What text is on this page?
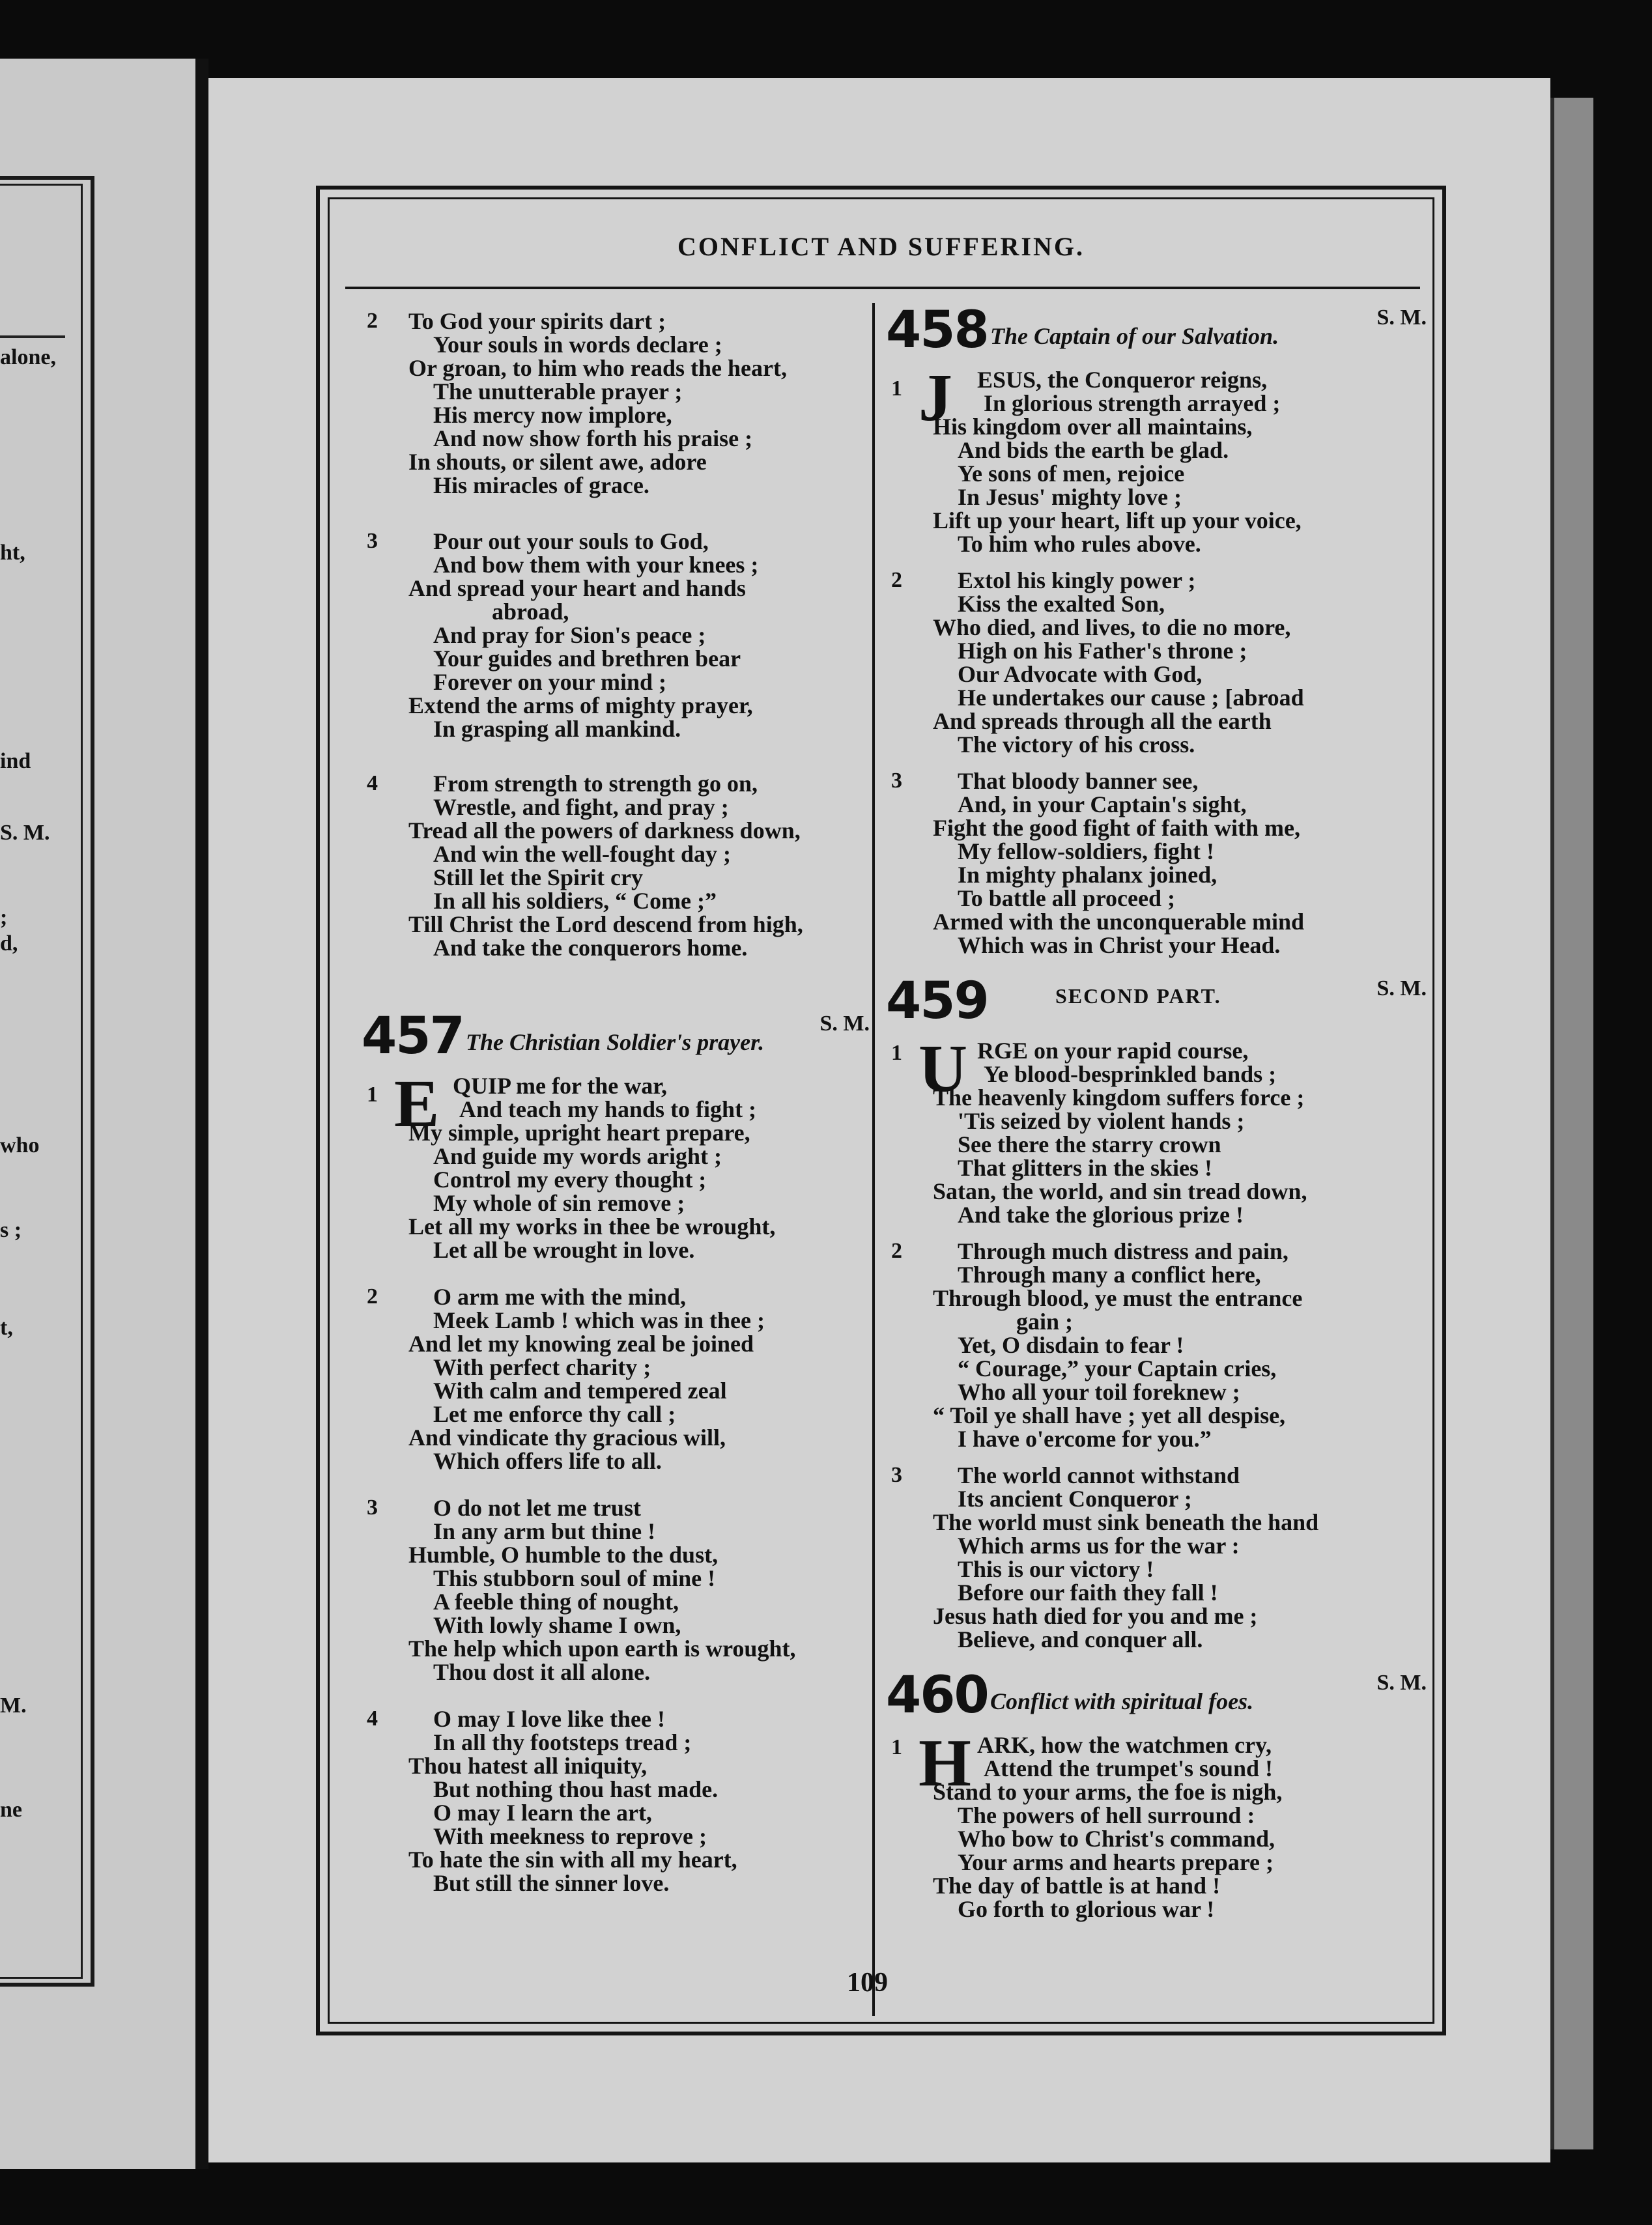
alone,
ht,
ind
S. M.
;
d,
who
s ;
t,
M.
ne
CONFLICT AND SUFFERING.
109
2	To God your spirits dart ;
Your souls in words declare ;
Or groan, to him who reads the heart,
The unutterable prayer ;
His mercy now implore,
And now show forth his praise ;
In shouts, or silent awe, adore
His miracles of grace.
3	Pour out your souls to God,
And bow them with your knees ;
And spread your heart and hands
abroad,
And pray for Sion's peace ;
Your guides and brethren bear
Forever on your mind ;
Extend the arms of mighty prayer,
In grasping all mankind.
4	From strength to strength go on,
Wrestle, and fight, and pray ;
Tread all the powers of darkness down,
And win the well-fought day ;
Still let the Spirit cry
In all his soldiers, “ Come ;”
Till Christ the Lord descend from high,
And take the conquerors home.
457 The Christian Soldier's prayer.
S. M.
1 E QUIP me for the war,
And teach my hands to fight ;
My simple, upright heart prepare,
And guide my words aright ;
Control my every thought ;
My whole of sin remove ;
Let all my works in thee be wrought,
Let all be wrought in love.
2	O arm me with the mind,
Meek Lamb ! which was in thee ;
And let my knowing zeal be joined
With perfect charity ;
With calm and tempered zeal
Let me enforce thy call ;
And vindicate thy gracious will,
Which offers life to all.
3	O do not let me trust
In any arm but thine !
Humble, O humble to the dust,
This stubborn soul of mine !
A feeble thing of nought,
With lowly shame I own,
The help which upon earth is wrought,
Thou dost it all alone.
4	O may I love like thee !
In all thy footsteps tread ;
Thou hatest all iniquity,
But nothing thou hast made.
O may I learn the art,
With meekness to reprove ;
To hate the sin with all my heart,
But still the sinner love.
458 The Captain of our Salvation.
S. M.
1 J	ESUS, the Conqueror reigns,
In glorious strength arrayed ;
His kingdom over all maintains,
And bids the earth be glad.
Ye sons of men, rejoice
In Jesus' mighty love ;
Lift up your heart, lift up your voice,
To him who rules above.
2	Extol his kingly power ;
Kiss the exalted Son,
Who died, and lives, to die no more,
High on his Father's throne ;
Our Advocate with God,
He undertakes our cause ; [abroad
And spreads through all the earth
The victory of his cross.
3	That bloody banner see,
And, in your Captain's sight,
Fight the good fight of faith with me,
My fellow-soldiers, fight !
In mighty phalanx joined,
To battle all proceed ;
Armed with the unconquerable mind
Which was in Christ your Head.
459	SECOND PART.	S. M.
1 U RGE on your rapid course,
Ye blood-besprinkled bands ;
The heavenly kingdom suffers force ;
'Tis seized by violent hands ;
See there the starry crown
That glitters in the skies !
Satan, the world, and sin tread down,
And take the glorious prize !
2	Through much distress and pain,
Through many a conflict here,
Through blood, ye must the entrance
gain ;
Yet, O disdain to fear !
“ Courage,” your Captain cries,
Who all your toil foreknew ;
“ Toil ye shall have ; yet all despise,
I have o'ercome for you.”
3	The world cannot withstand
Its ancient Conqueror ;
The world must sink beneath the hand
Which arms us for the war :
This is our victory !
Before our faith they fall !
Jesus hath died for you and me ;
Believe, and conquer all.
460 Conflict with spiritual foes.
S. M.
1 H ARK, how the watchmen cry,
Attend the trumpet's sound !
Stand to your arms, the foe is nigh,
The powers of hell surround :
Who bow to Christ's command,
Your arms and hearts prepare ;
The day of battle is at hand !
Go forth to glorious war !
